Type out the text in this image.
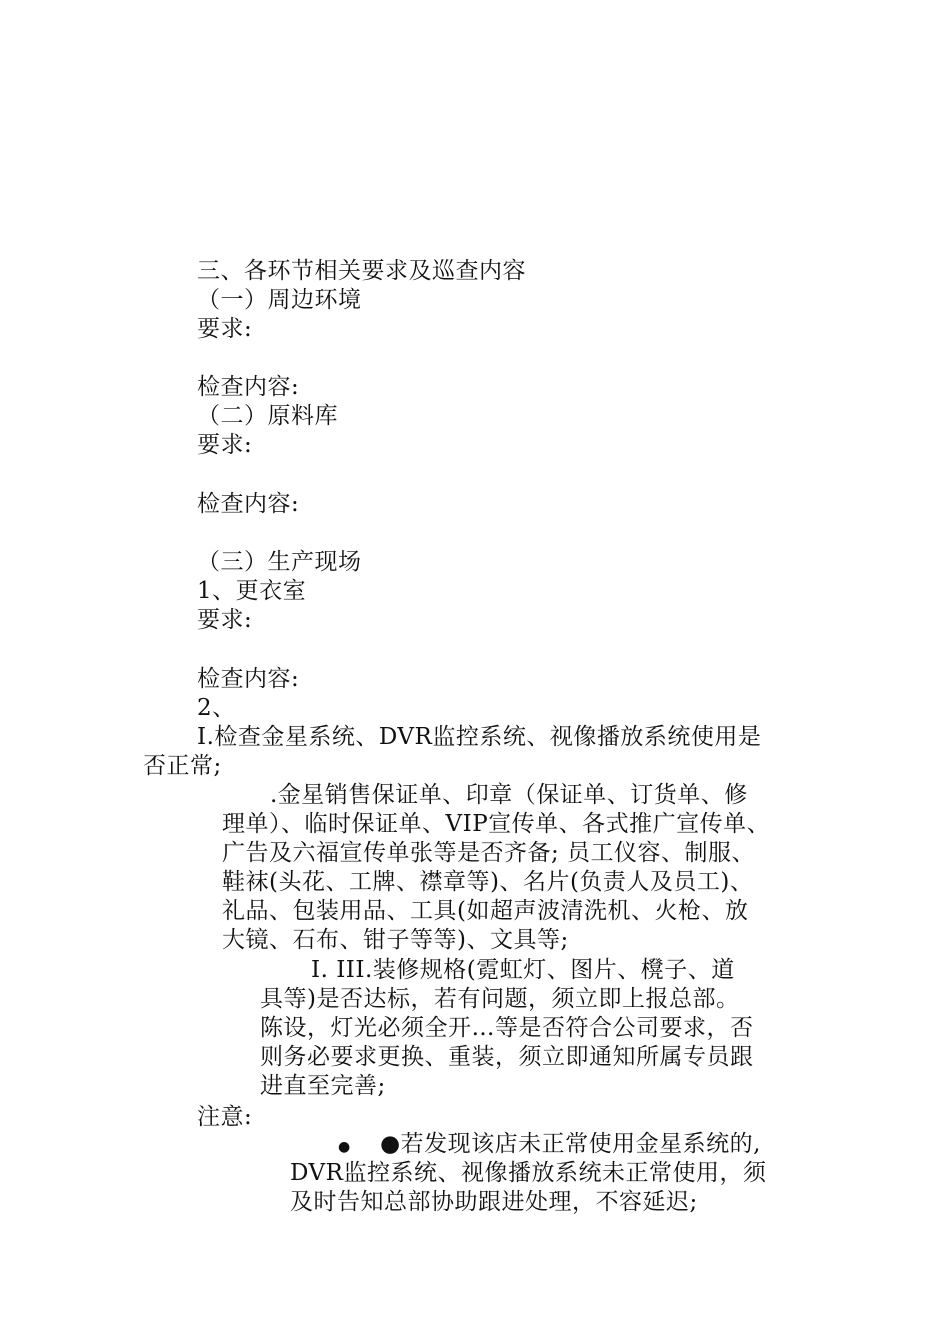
三、各环节相关要求及巡查内容
（一）周边环境
要求:
检查内容:
（二）原料库
要求:
检查内容:
（三）生产现场
1、更衣室
要求:
检查内容:
2、
I.检查金星系统、DVR监控系统、视像播放系统使用是
否正常;
.金星销售保证单、印章（保证单、订货单、修
理单）、临时保证单、VIP宣传单、各式推广宣传单、
广告及六福宣传单张等是否齐备; 员工仪容、制服、
鞋袜(头花、工牌、襟章等)、名片(负责人及员工)、
礼品、包装用品、工具(如超声波清洗机、火枪、放
大镜、石布、钳子等等)、文具等;
I. III.装修规格(霓虹灯、图片、櫈子、道
具等)是否达标，若有问题，须立即上报总部。
陈设，灯光必须全开…等是否符合公司要求，否
则务必要求更换、重装，须立即通知所属专员跟
进直至完善;
注意:
●	●若发现该店未正常使用金星系统的,
DVR监控系统、视像播放系统未正常使用，须
及时告知总部协助跟进处理，不容延迟;
